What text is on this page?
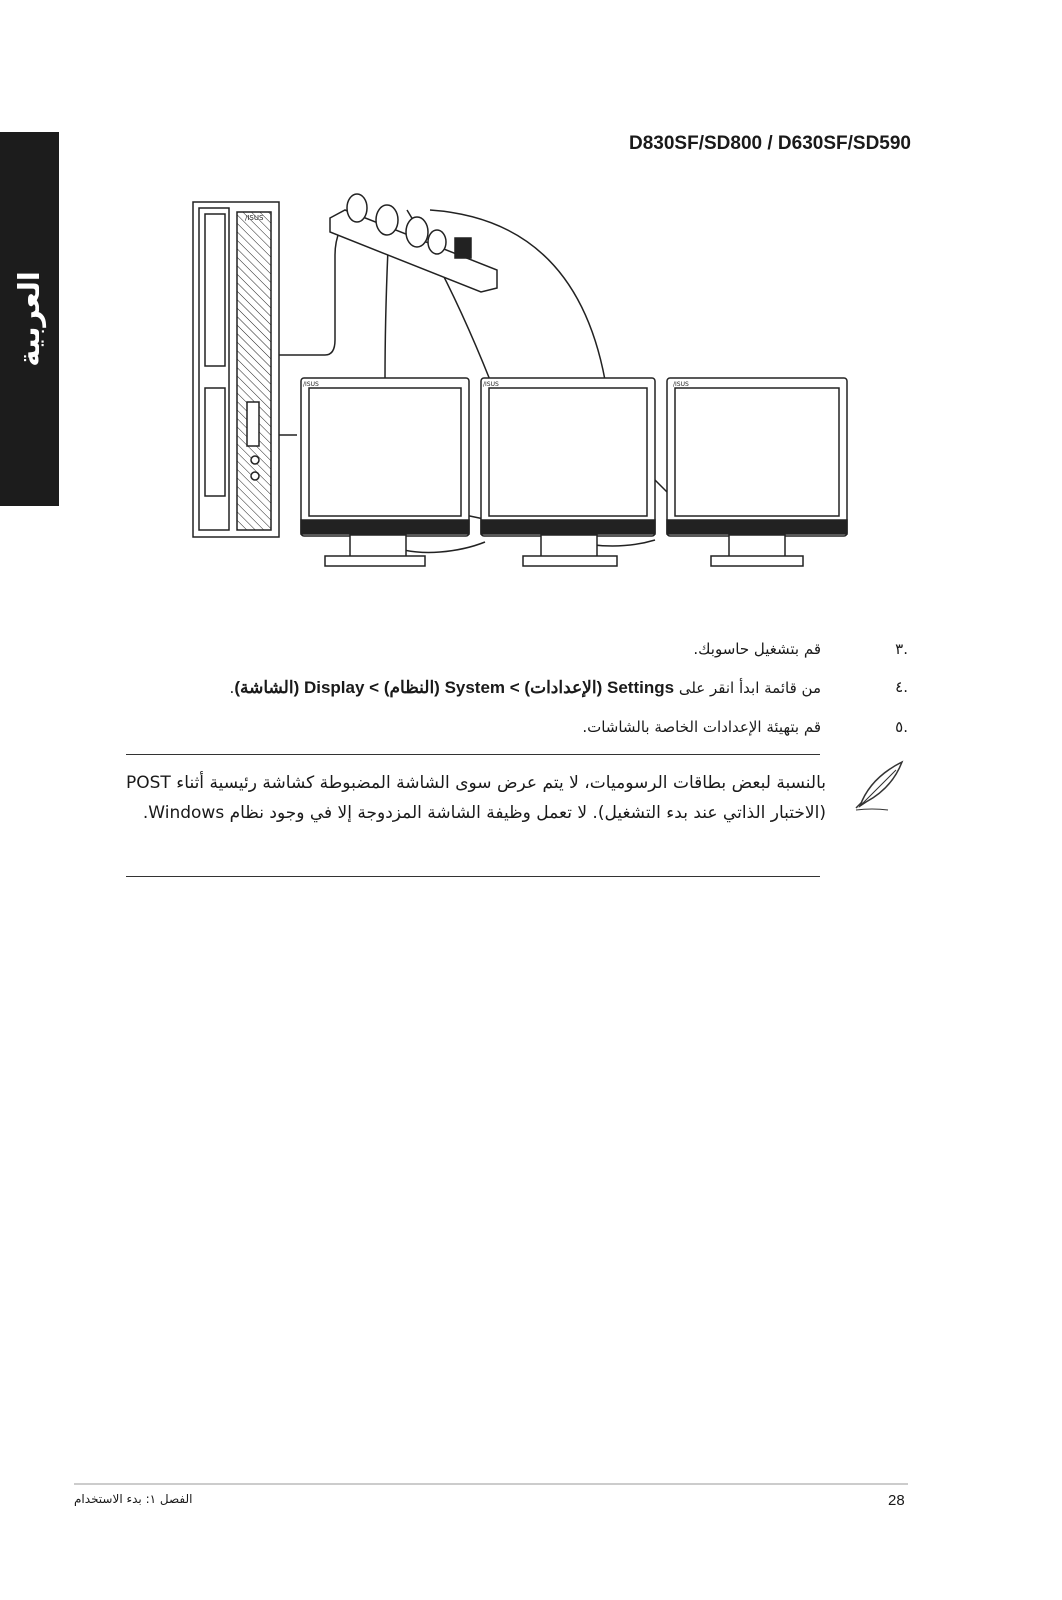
العربية
D830SF/SD800 / D630SF/SD590
/ISUS
/ISUS	/ISUS	/ISUS
.٣
قم بتشغيل حاسوبك.
.٤
من قائمة ابدأ انقر على Settings (الإعدادات) > System (النظام) > Display (الشاشة).
.٥
قم بتهيئة الإعدادات الخاصة بالشاشات.
بالنسبة لبعض بطاقات الرسوميات، لا يتم عرض سوى الشاشة المضبوطة كشاشة رئيسية أثناء POST (الاختبار الذاتي عند بدء التشغيل). لا تعمل وظيفة الشاشة المزدوجة إلا في وجود نظام Windows.
28
الفصل ١: بدء الاستخدام
